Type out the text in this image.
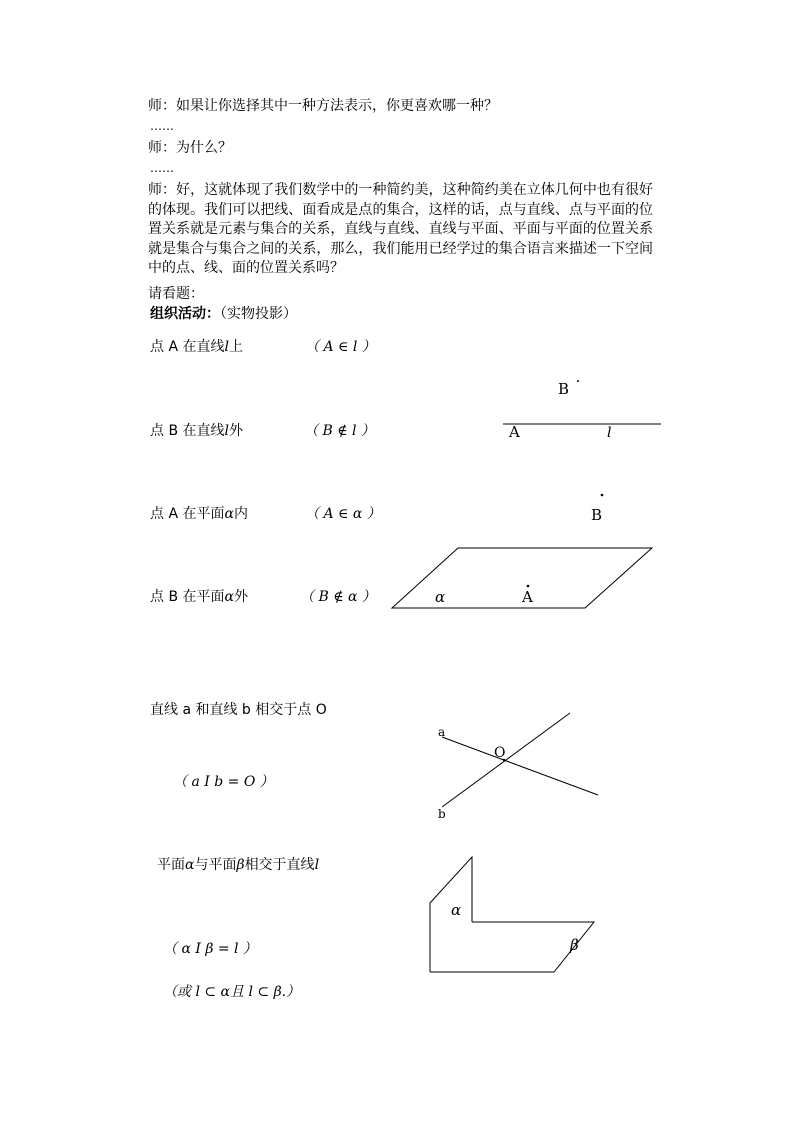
师：如果让你选择其中一种方法表示，你更喜欢哪一种？
……
师：为什么？
……
师：好，这就体现了我们数学中的一种简约美，这种简约美在立体几何中也有很好的体现。我们可以把线、面看成是点的集合，这样的话，点与直线、点与平面的位置关系就是元素与集合的关系，直线与直线、直线与平面、平面与平面的位置关系就是集合与集合之间的关系，那么，我们能用已经学过的集合语言来描述一下空间中的点、线、面的位置关系吗？
请看题：
组织活动：（实物投影）
点 A 在直线l上	（ A ∈ l ）
点 B 在直线l外	（ B ∉ l ）
点 A 在平面α内	（ A ∈ α ）
点 B 在平面α外	（ B ∉ α ）
直线 a 和直线 b 相交于点 O
（ a I b = O ）
平面α与平面β相交于直线l
（ α I β = l ）
（或 l ⊂ α且 l ⊂ β.）
B
A	l
B
α	A
a
b
O
α
β
